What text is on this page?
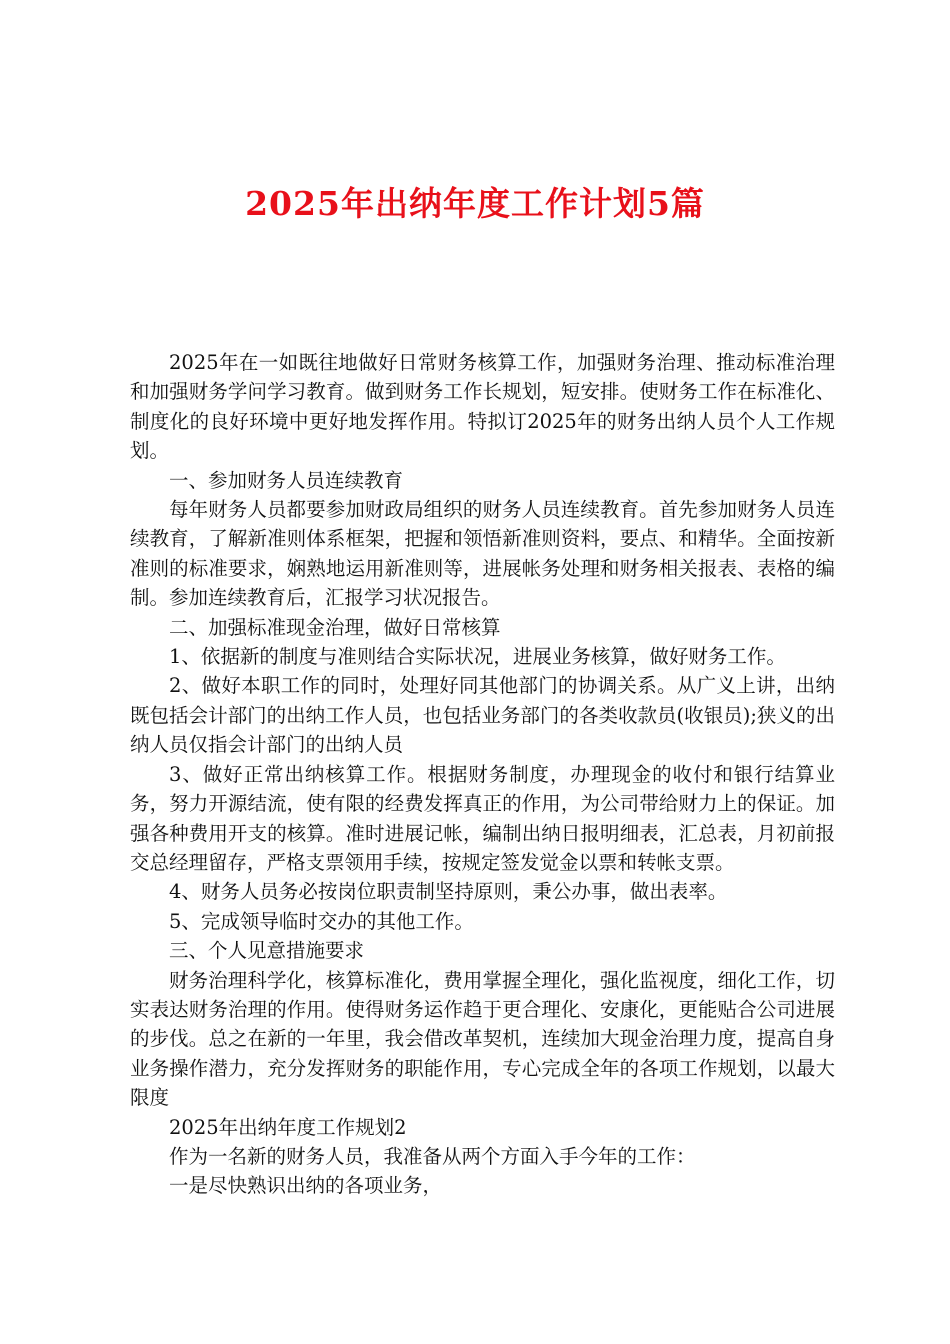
2025年出纳年度工作计划5篇

2025年在一如既往地做好日常财务核算工作，加强财务治理、推动标准治理和加强财务学问学习教育。做到财务工作长规划，短安排。使财务工作在标准化、制度化的良好环境中更好地发挥作用。特拟订2025年的财务出纳人员个人工作规划。

一、参加财务人员连续教育

每年财务人员都要参加财政局组织的财务人员连续教育。首先参加财务人员连续教育，了解新准则体系框架，把握和领悟新准则资料，要点、和精华。全面按新准则的标准要求，娴熟地运用新准则等，进展帐务处理和财务相关报表、表格的编制。参加连续教育后，汇报学习状况报告。

二、加强标准现金治理，做好日常核算

1、依据新的制度与准则结合实际状况，进展业务核算，做好财务工作。

2、做好本职工作的同时，处理好同其他部门的协调关系。从广义上讲，出纳既包括会计部门的出纳工作人员，也包括业务部门的各类收款员(收银员);狭义的出纳人员仅指会计部门的出纳人员

3、做好正常出纳核算工作。根据财务制度，办理现金的收付和银行结算业务，努力开源结流，使有限的经费发挥真正的作用，为公司带给财力上的保证。加强各种费用开支的核算。准时进展记帐，编制出纳日报明细表，汇总表，月初前报交总经理留存，严格支票领用手续，按规定签发觉金以票和转帐支票。

4、财务人员务必按岗位职责制坚持原则，秉公办事，做出表率。

5、完成领导临时交办的其他工作。

三、个人见意措施要求

财务治理科学化，核算标准化，费用掌握全理化，强化监视度，细化工作，切实表达财务治理的作用。使得财务运作趋于更合理化、安康化，更能贴合公司进展的步伐。总之在新的一年里，我会借改革契机，连续加大现金治理力度，提高自身业务操作潜力，充分发挥财务的职能作用，专心完成全年的各项工作规划，以最大限度

2025年出纳年度工作规划2

作为一名新的财务人员，我准备从两个方面入手今年的工作：

一是尽快熟识出纳的各项业务，
